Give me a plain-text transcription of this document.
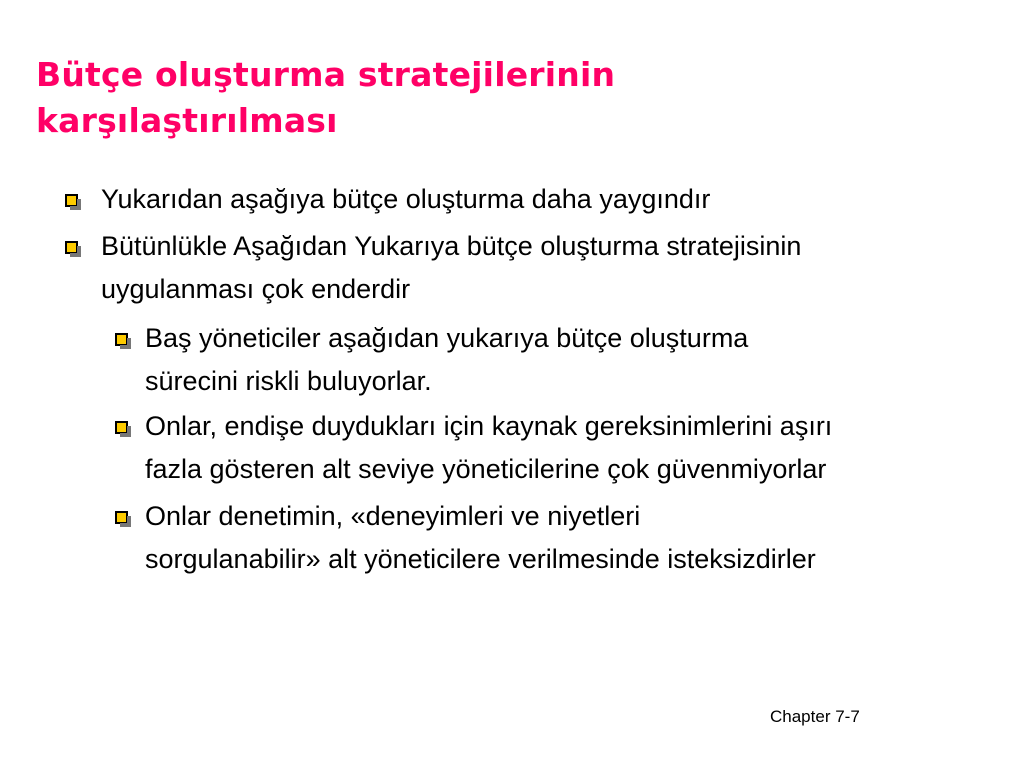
Bütçe oluşturma stratejilerinin
karşılaştırılması
Yukarıdan aşağıya bütçe oluşturma daha yaygındır
Bütünlükle Aşağıdan Yukarıya bütçe oluşturma stratejisinin
uygulanması çok enderdir
Baş yöneticiler aşağıdan yukarıya bütçe oluşturma
sürecini riskli buluyorlar.
Onlar, endişe duydukları için kaynak gereksinimlerini aşırı
fazla gösteren alt seviye yöneticilerine çok güvenmiyorlar
Onlar denetimin, «deneyimleri ve niyetleri
sorgulanabilir» alt yöneticilere verilmesinde isteksizdirler
Chapter 7-7
